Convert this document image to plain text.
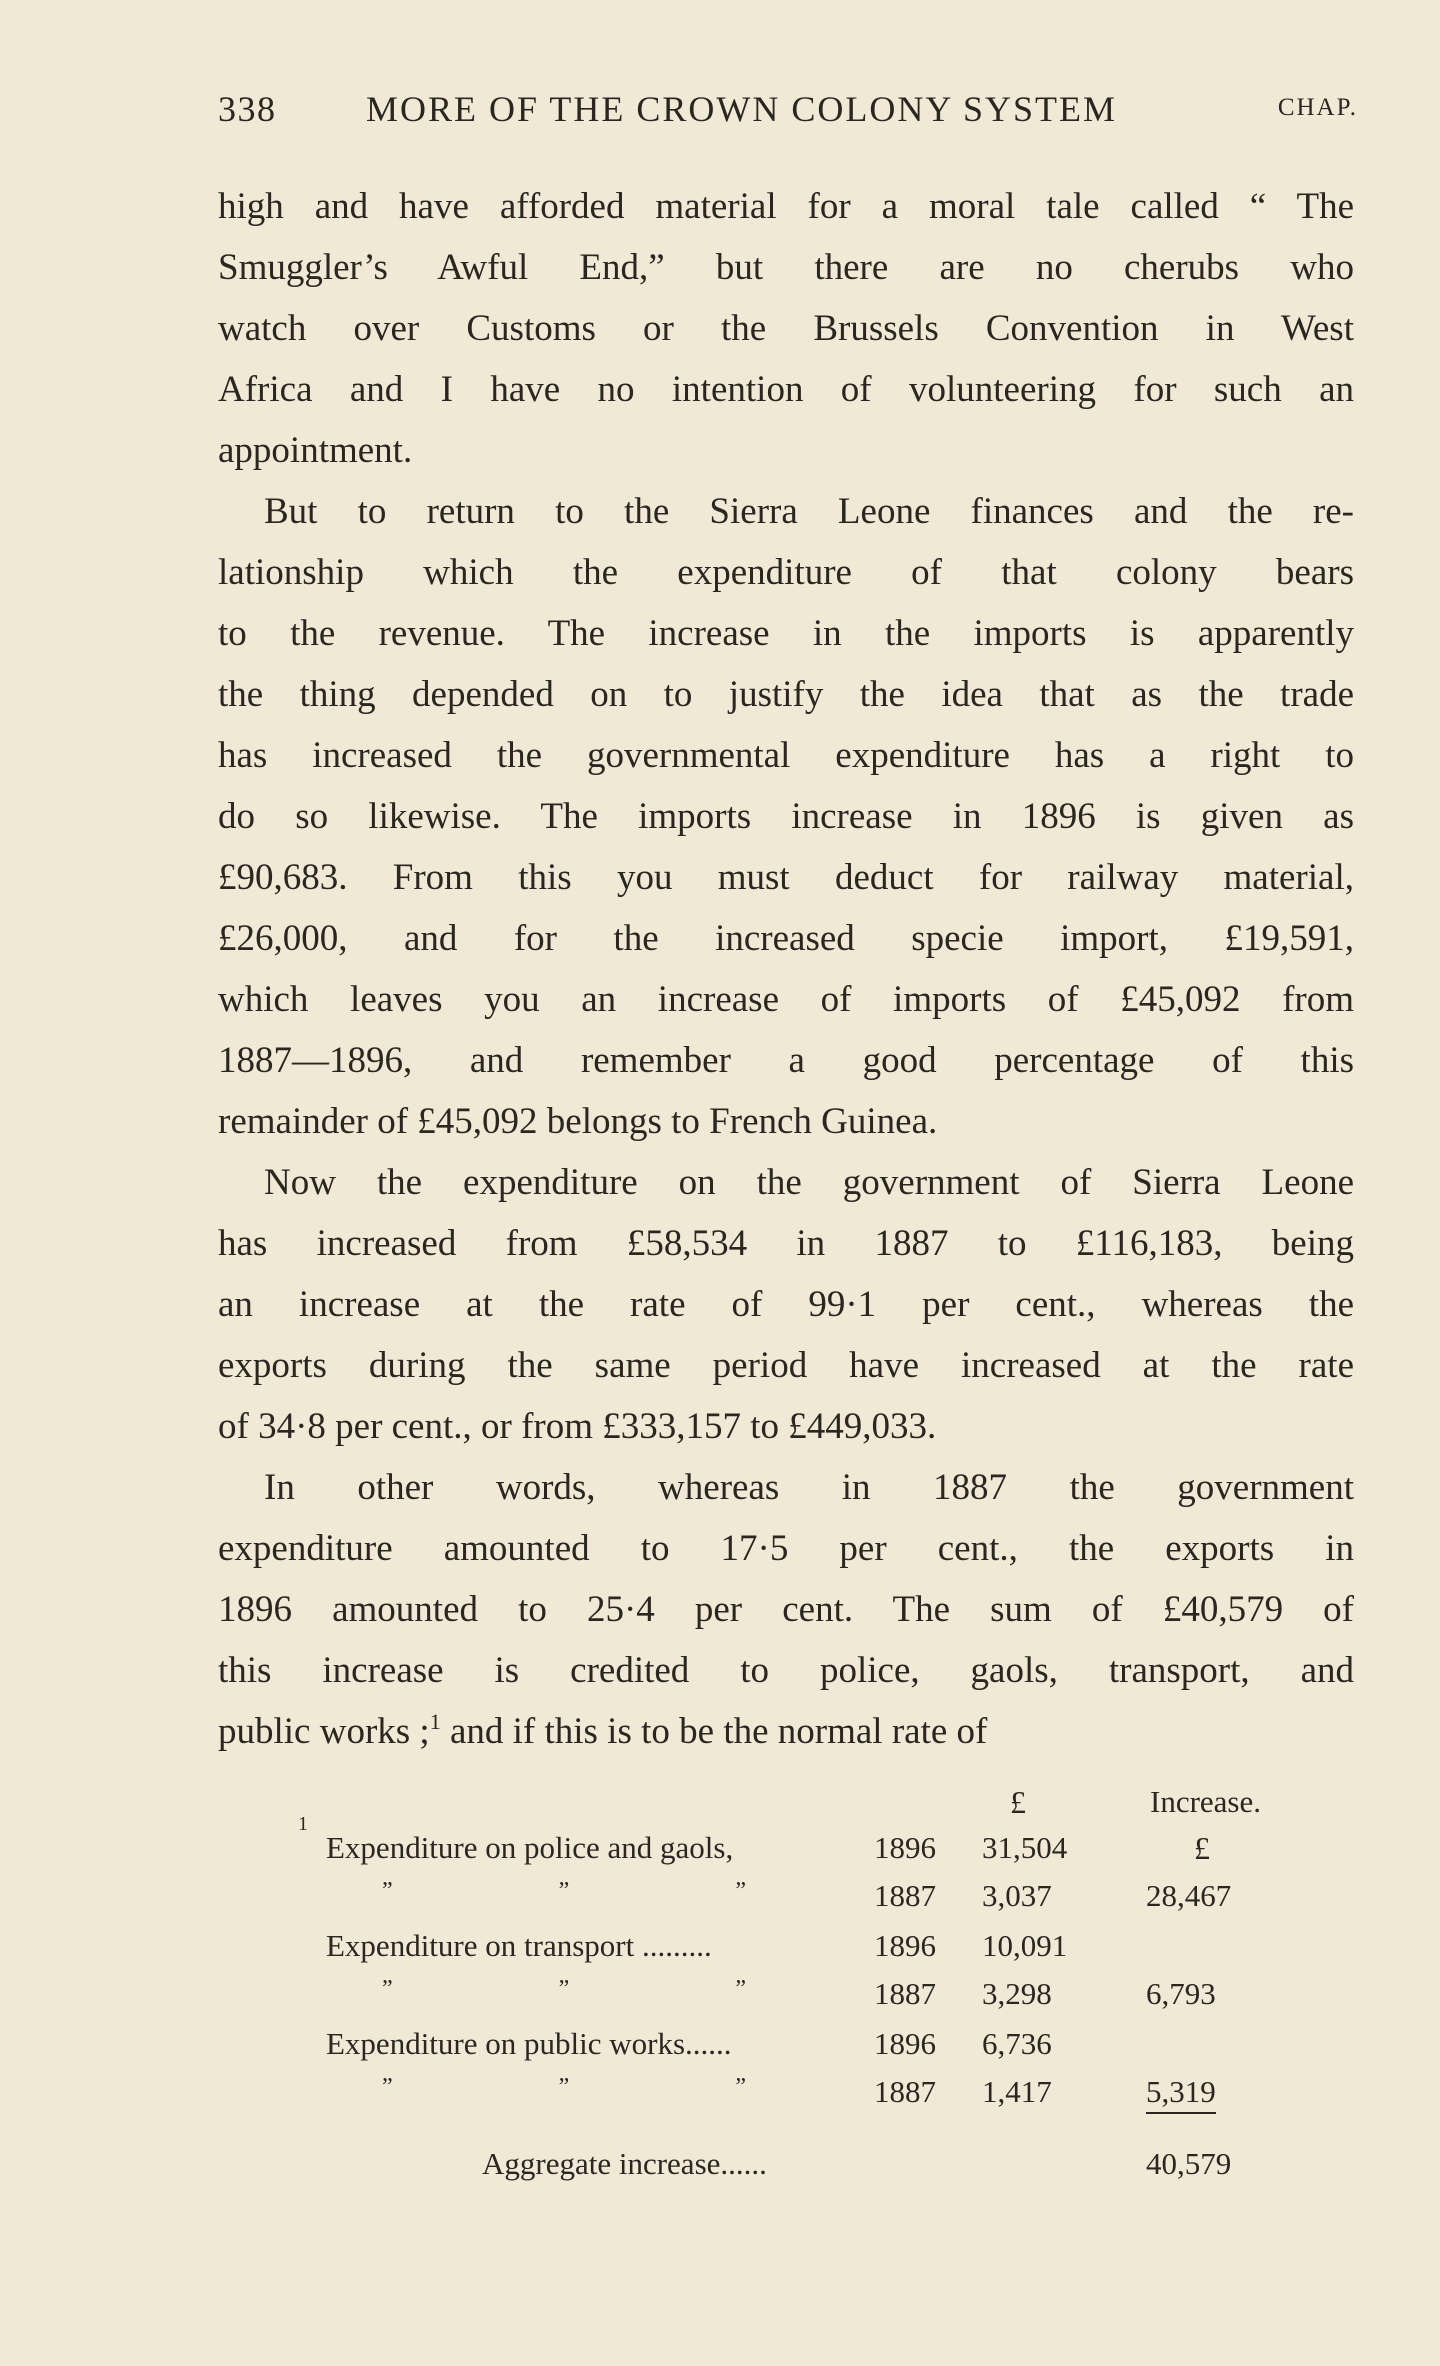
338 MORE OF THE CROWN COLONY SYSTEM	CHAP.
high and have afforded material for a moral tale called “ The
Smuggler’s Awful End,” but there are no cherubs who
watch over Customs or the Brussels Convention in West
Africa and I have no intention of volunteering for such an
appointment.
But to return to the Sierra Leone finances and the re-
lationship which the expenditure of that colony bears
to the revenue. The increase in the imports is apparently
the thing depended on to justify the idea that as the trade
has increased the governmental expenditure has a right to
do so likewise. The imports increase in 1896 is given as
£90,683. From this you must deduct for railway material,
£26,000, and for the increased specie import, £19,591,
which leaves you an increase of imports of £45,092 from
1887—1896, and remember a good percentage of this
remainder of £45,092 belongs to French Guinea.
Now the expenditure on the government of Sierra Leone
has increased from £58,534 in 1887 to £116,183, being
an increase at the rate of 99·1 per cent., whereas the
exports during the same period have increased at the rate
of 34·8 per cent., or from £333,157 to £449,033.
In other words, whereas in 1887 the government
expenditure amounted to 17·5 per cent., the exports in
1896 amounted to 25·4 per cent. The sum of £40,579 of
this increase is credited to police, gaols, transport, and
public works ;$^1$ and if this is to be the normal rate of
£	Increase.
1
Expenditure on police and gaols,	1896 31,504	£
”	”	”	1887 3,037	28,467
Expenditure on transport .........	1896 10,091
”	”	”	1887 3,298	6,793
Expenditure on public works......	1896 6,736
”	”	”	1887 1,417	5,319
Aggregate increase......	40,579
